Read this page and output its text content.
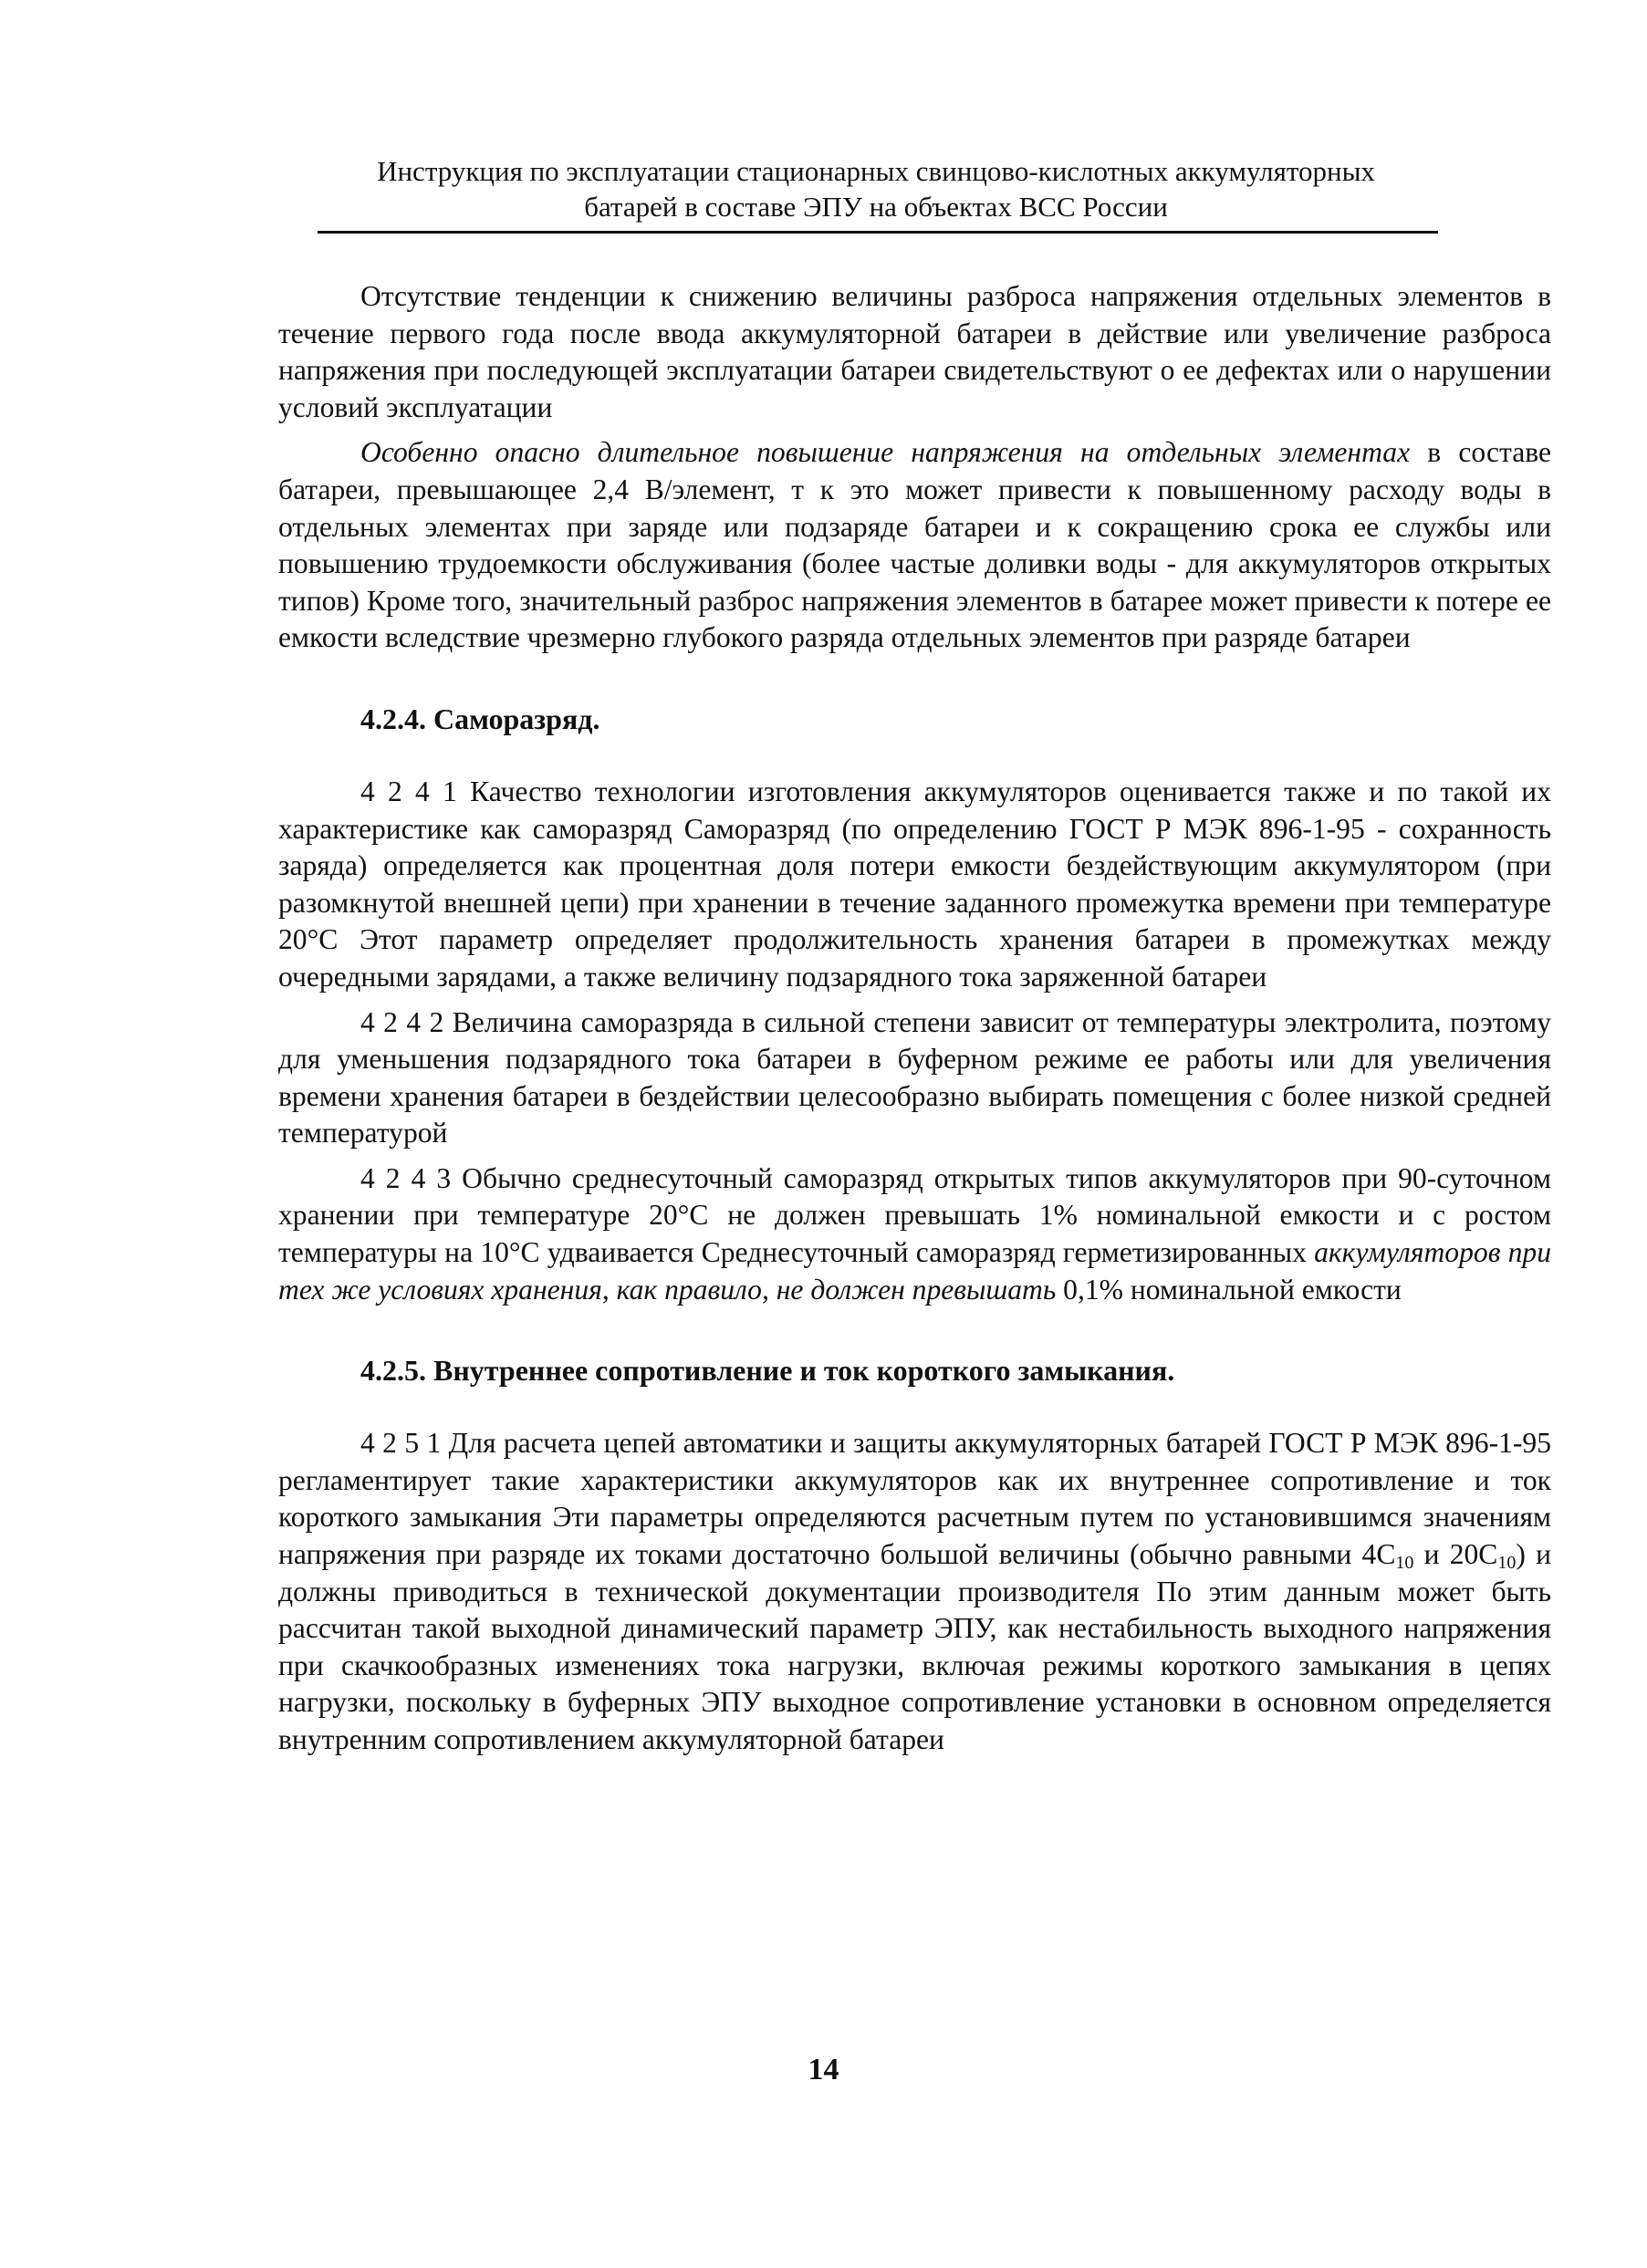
Инструкция по эксплуатации стационарных свинцово-кислотных аккумуляторных
батарей в составе ЭПУ на объектах ВСС России

Отсутствие тенденции к снижению величины разброса напряжения отдельных элементов в течение первого года после ввода аккумуляторной батареи в действие или увеличение разброса напряжения при последующей эксплуатации батареи свидетельствуют о ее дефектах или о нарушении условий эксплуатации

Особенно опасно длительное повышение напряжения на отдельных элементах в составе батареи, превышающее 2,4 В/элемент, т к это может привести к повышенному расходу воды в отдельных элементах при заряде или подзаряде батареи и к сокращению срока ее службы или повышению трудоемкости обслуживания (более частые доливки воды - для аккумуляторов открытых типов) Кроме того, значительный разброс напряжения элементов в батарее может привести к потере ее емкости вследствие чрезмерно глубокого разряда отдельных элементов при разряде батареи

4.2.4. Саморазряд.

4 2 4 1 Качество технологии изготовления аккумуляторов оценивается также и по такой их характеристике как саморазряд Саморазряд (по определению ГОСТ Р МЭК 896-1-95 - сохранность заряда) определяется как процентная доля потери емкости бездействующим аккумулятором (при разомкнутой внешней цепи) при хранении в течение заданного промежутка времени при температуре 20°C Этот параметр определяет продолжительность хранения батареи в промежутках между очередными зарядами, а также величину подзарядного тока заряженной батареи

4 2 4 2 Величина саморазряда в сильной степени зависит от температуры электролита, поэтому для уменьшения подзарядного тока батареи в буферном режиме ее работы или для увеличения времени хранения батареи в бездействии целесообразно выбирать помещения с более низкой средней температурой

4 2 4 3 Обычно среднесуточный саморазряд открытых типов аккумуляторов при 90-суточном хранении при температуре 20°C не должен превышать 1% номинальной емкости и с ростом температуры на 10°C удваивается Среднесуточный саморазряд герметизированных аккумуляторов при тех же условиях хранения, как правило, не должен превышать 0,1% номинальной емкости

4.2.5. Внутреннее сопротивление и ток короткого замыкания.

4 2 5 1 Для расчета цепей автоматики и защиты аккумуляторных батарей ГОСТ Р МЭК 896-1-95 регламентирует такие характеристики аккумуляторов как их внутреннее сопротивление и ток короткого замыкания Эти параметры определяются расчетным путем по установившимся значениям напряжения при разряде их токами достаточно большой величины (обычно равными $4C_{10}$ и $20C_{10}$) и должны приводиться в технической документации производителя По этим данным может быть рассчитан такой выходной динамический параметр ЭПУ, как нестабильность выходного напряжения при скачкообразных изменениях тока нагрузки, включая режимы короткого замыкания в цепях нагрузки, поскольку в буферных ЭПУ выходное сопротивление установки в основном определяется внутренним сопротивлением аккумуляторной батареи

14
